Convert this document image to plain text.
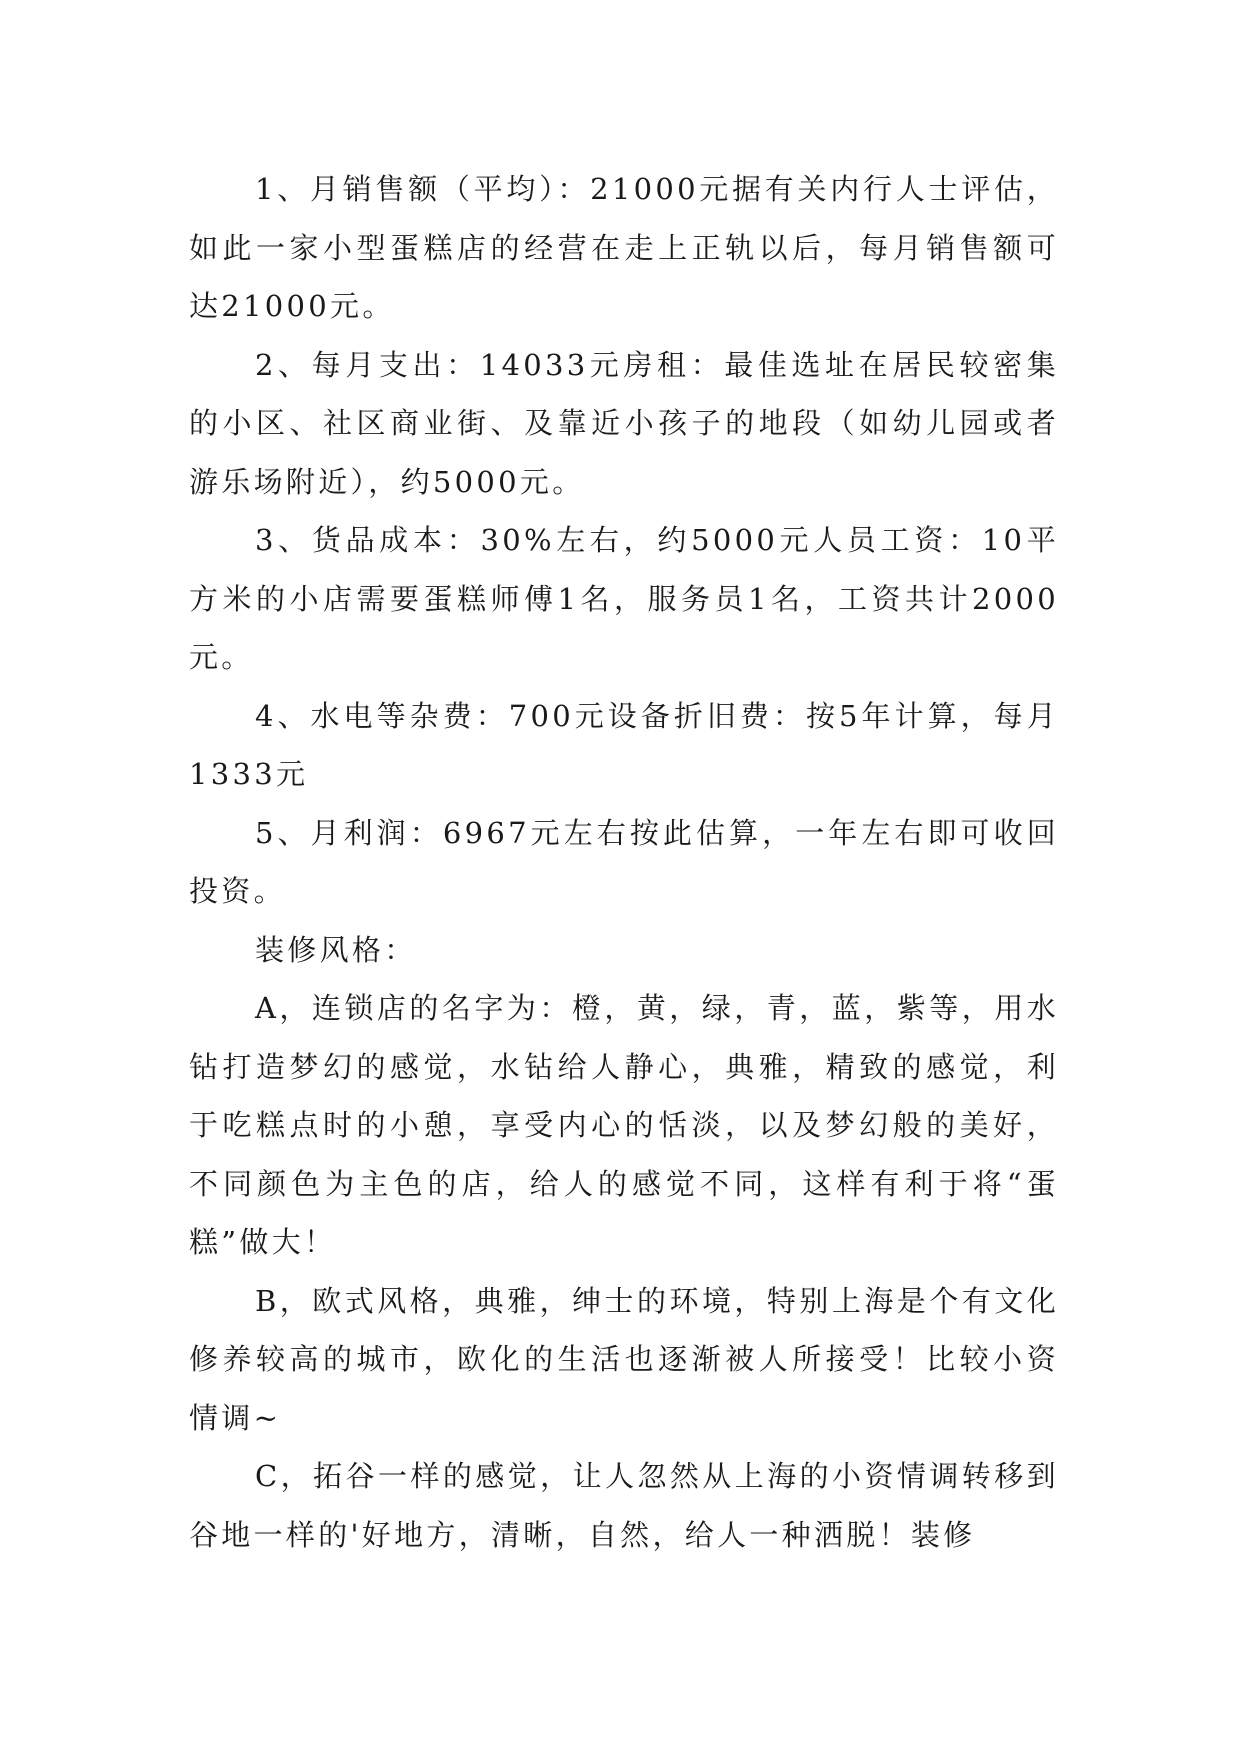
1、月销售额（平均）：21000元据有关内行人士评估，如此一家小型蛋糕店的经营在走上正轨以后，每月销售额可达21000元。

2、每月支出：14033元房租：最佳选址在居民较密集的小区、社区商业街、及靠近小孩子的地段（如幼儿园或者游乐场附近），约5000元。

3、货品成本：30%左右，约5000元人员工资：10平方米的小店需要蛋糕师傅1名，服务员1名，工资共计2000元。

4、水电等杂费：700元设备折旧费：按5年计算，每月1333元

5、月利润：6967元左右按此估算，一年左右即可收回投资。

装修风格：

A，连锁店的名字为：橙，黄，绿，青，蓝，紫等，用水钻打造梦幻的感觉，水钻给人静心，典雅，精致的感觉，利于吃糕点时的小憩，享受内心的恬淡，以及梦幻般的美好，不同颜色为主色的店，给人的感觉不同，这样有利于将“蛋糕”做大！

B，欧式风格，典雅，绅士的环境，特别上海是个有文化修养较高的城市，欧化的生活也逐渐被人所接受！比较小资情调~

C，拓谷一样的感觉，让人忽然从上海的小资情调转移到谷地一样的'好地方，清晰，自然，给人一种洒脱！装修
